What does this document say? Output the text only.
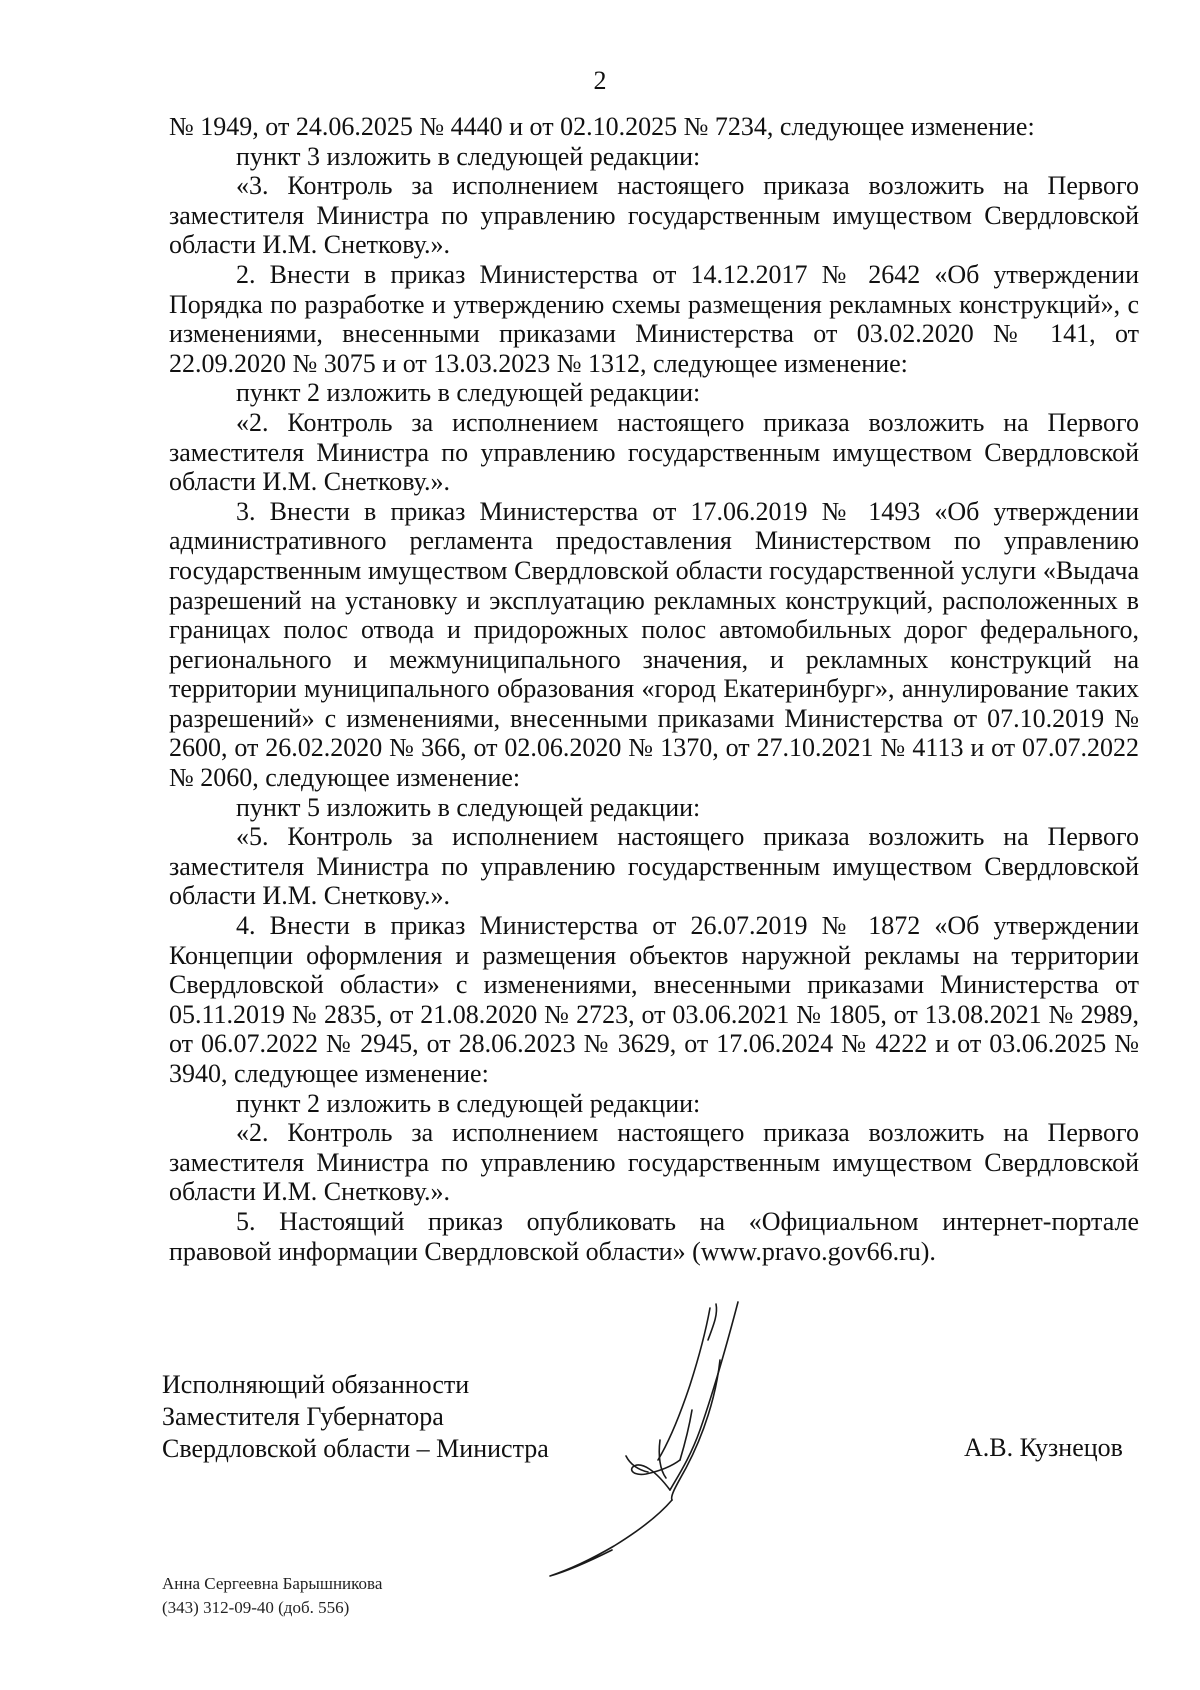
2

№ 1949, от 24.06.2025 № 4440 и от 02.10.2025 № 7234, следующее изменение:

пункт 3 изложить в следующей редакции:

«3. Контроль за исполнением настоящего приказа возложить на Первого заместителя Министра по управлению государственным имуществом Свердловской области И.М. Снеткову.».

2. Внести в приказ Министерства от 14.12.2017 № 2642 «Об утверждении Порядка по разработке и утверждению схемы размещения рекламных конструкций», с изменениями, внесенными приказами Министерства от 03.02.2020 № 141, от 22.09.2020 № 3075 и от 13.03.2023 № 1312, следующее изменение:

пункт 2 изложить в следующей редакции:

«2. Контроль за исполнением настоящего приказа возложить на Первого заместителя Министра по управлению государственным имуществом Свердловской области И.М. Снеткову.».

3. Внести в приказ Министерства от 17.06.2019 № 1493 «Об утверждении административного регламента предоставления Министерством по управлению государственным имуществом Свердловской области государственной услуги «Выдача разрешений на установку и эксплуатацию рекламных конструкций, расположенных в границах полос отвода и придорожных полос автомобильных дорог федерального, регионального и межмуниципального значения, и рекламных конструкций на территории муниципального образования «город Екатеринбург», аннулирование таких разрешений» с изменениями, внесенными приказами Министерства от 07.10.2019 № 2600, от 26.02.2020 № 366, от 02.06.2020 № 1370, от 27.10.2021 № 4113 и от 07.07.2022 № 2060, следующее изменение:

пункт 5 изложить в следующей редакции:

«5. Контроль за исполнением настоящего приказа возложить на Первого заместителя Министра по управлению государственным имуществом Свердловской области И.М. Снеткову.».

4. Внести в приказ Министерства от 26.07.2019 № 1872 «Об утверждении Концепции оформления и размещения объектов наружной рекламы на территории Свердловской области» с изменениями, внесенными приказами Министерства от 05.11.2019 № 2835, от 21.08.2020 № 2723, от 03.06.2021 № 1805, от 13.08.2021 № 2989, от 06.07.2022 № 2945, от 28.06.2023 № 3629, от 17.06.2024 № 4222 и от 03.06.2025 № 3940, следующее изменение:

пункт 2 изложить в следующей редакции:

«2. Контроль за исполнением настоящего приказа возложить на Первого заместителя Министра по управлению государственным имуществом Свердловской области И.М. Снеткову.».

5. Настоящий приказ опубликовать на «Официальном интернет-портале правовой информации Свердловской области» (www.pravo.gov66.ru).

Исполняющий обязанности
Заместителя Губернатора
Свердловской области – Министра	А.В. Кузнецов
Анна Сергеевна Барышникова
(343) 312-09-40 (доб. 556)
